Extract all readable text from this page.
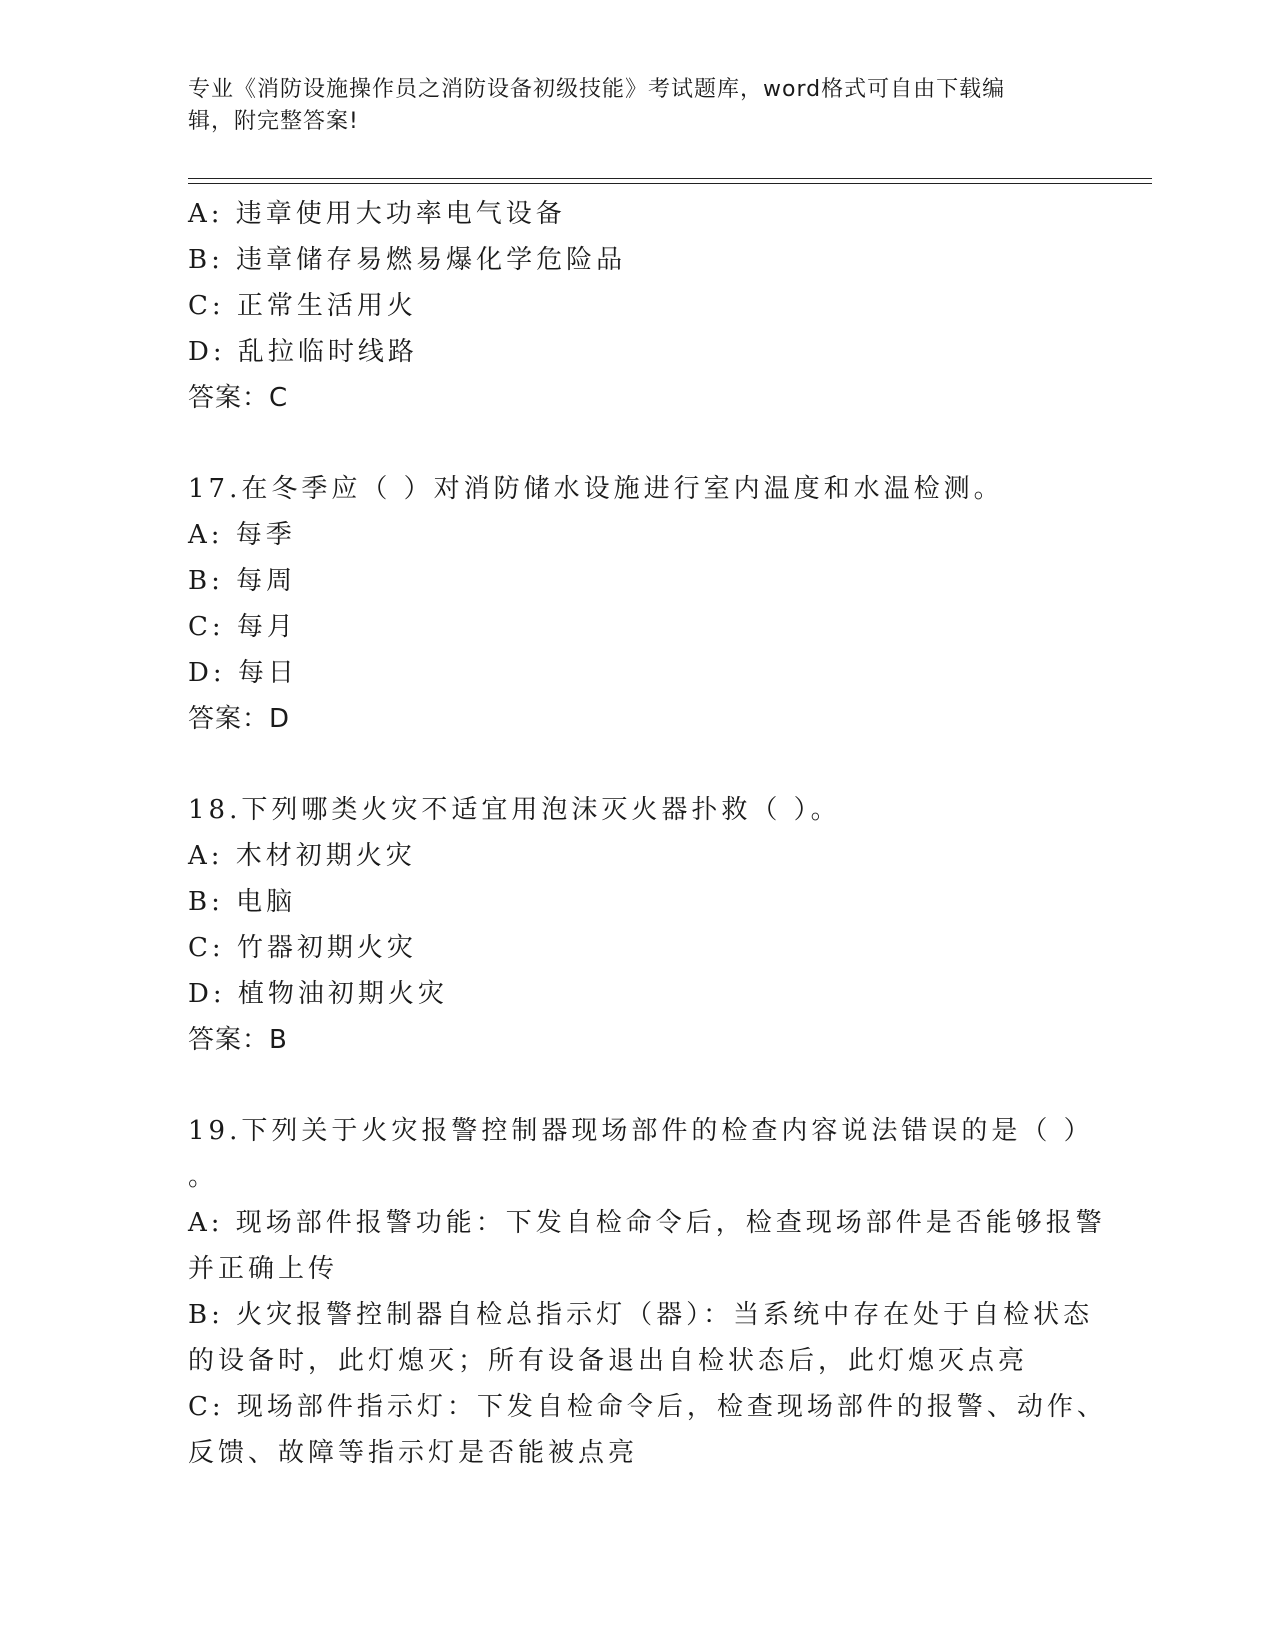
专业《消防设施操作员之消防设备初级技能》考试题库，word格式可自由下载编
辑，附完整答案!
A: 违章使用大功率电气设备
B: 违章储存易燃易爆化学危险品
C: 正常生活用火
D: 乱拉临时线路
答案：C
17.在冬季应（ ）对消防储水设施进行室内温度和水温检测。
A: 每季
B: 每周
C: 每月
D: 每日
答案：D
18.下列哪类火灾不适宜用泡沫灭火器扑救（ ）。
A: 木材初期火灾
B: 电脑
C: 竹器初期火灾
D: 植物油初期火灾
答案：B
19.下列关于火灾报警控制器现场部件的检查内容说法错误的是（ ）
。
A: 现场部件报警功能：下发自检命令后，检查现场部件是否能够报警
并正确上传
B: 火灾报警控制器自检总指示灯（器）：当系统中存在处于自检状态
的设备时，此灯熄灭；所有设备退出自检状态后，此灯熄灭点亮
C: 现场部件指示灯：下发自检命令后，检查现场部件的报警、动作、
反馈、故障等指示灯是否能被点亮
